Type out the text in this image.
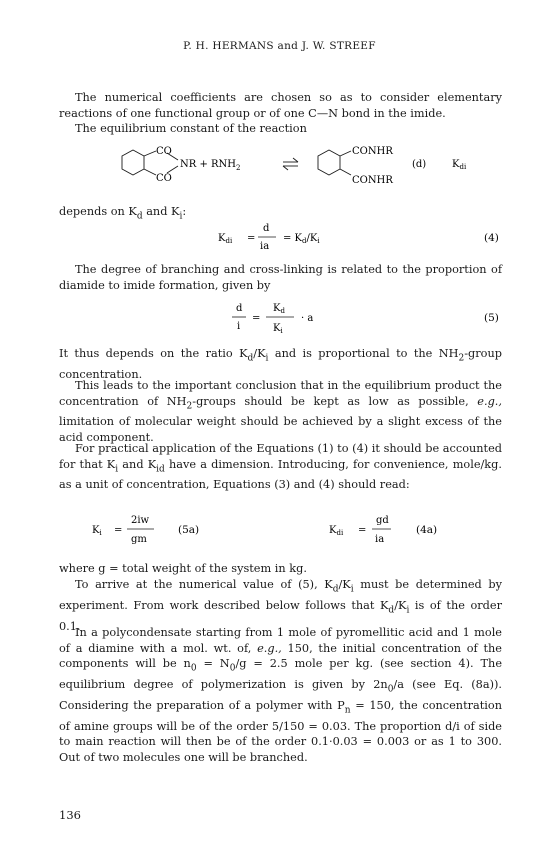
P. H. HERMANS and J. W. STREEF

The numerical coefficients are chosen so as to consider elementary reactions of one functional group or of one C—N bond in the imide.

The equilibrium constant of the reaction

CO
CO
NR + $RNH_2$
CONHR
CONHR
(d)	$K_{di}$

depends on $K_d$ and $K_i$:

$K_{di}$ =
d
ia
= $K_d/K_i$	(4)

The degree of branching and cross-linking is related to the proportion of diamide to imide formation, given by

d
i
=
$K_d$
$K_i$
· a	(5)

It thus depends on the ratio $K_d/K_i$ and is proportional to the $NH_2$-group concentration.

This leads to the important conclusion that in the equilibrium product the concentration of $NH_2$-groups should be kept as low as possible, e.g., limitation of molecular weight should be achieved by a slight excess of the acid component.

For practical application of the Equations (1) to (4) it should be accounted for that $K_i$ and $K_{id}$ have a dimension. Introducing, for convenience, mole/kg. as a unit of concentration, Equations (3) and (4) should read:

$K_i$ =
2iw
gm
(5a)	$K_{di}$ =
gd
ia
(4a)

where g = total weight of the system in kg.

To arrive at the numerical value of (5), $K_d/K_i$ must be determined by experiment. From work described below follows that $K_d/K_i$ is of the order 0.1.

In a polycondensate starting from 1 mole of pyromellitic acid and 1 mole of a diamine with a mol. wt. of, e.g., 150, the initial concentration of the components will be $n_0 = N_0/g = 2.5$ mole per kg. (see section 4). The equilibrium degree of polymerization is given by $2n_0/a$ (see Eq. (8a)). Considering the preparation of a polymer with $P_n = 150$, the concentration of amine groups will be of the order 5/150 = 0.03. The proportion d/i of side to main reaction will then be of the order 0.1·0.03 = 0.003 or as 1 to 300. Out of two molecules one will be branched.

136
